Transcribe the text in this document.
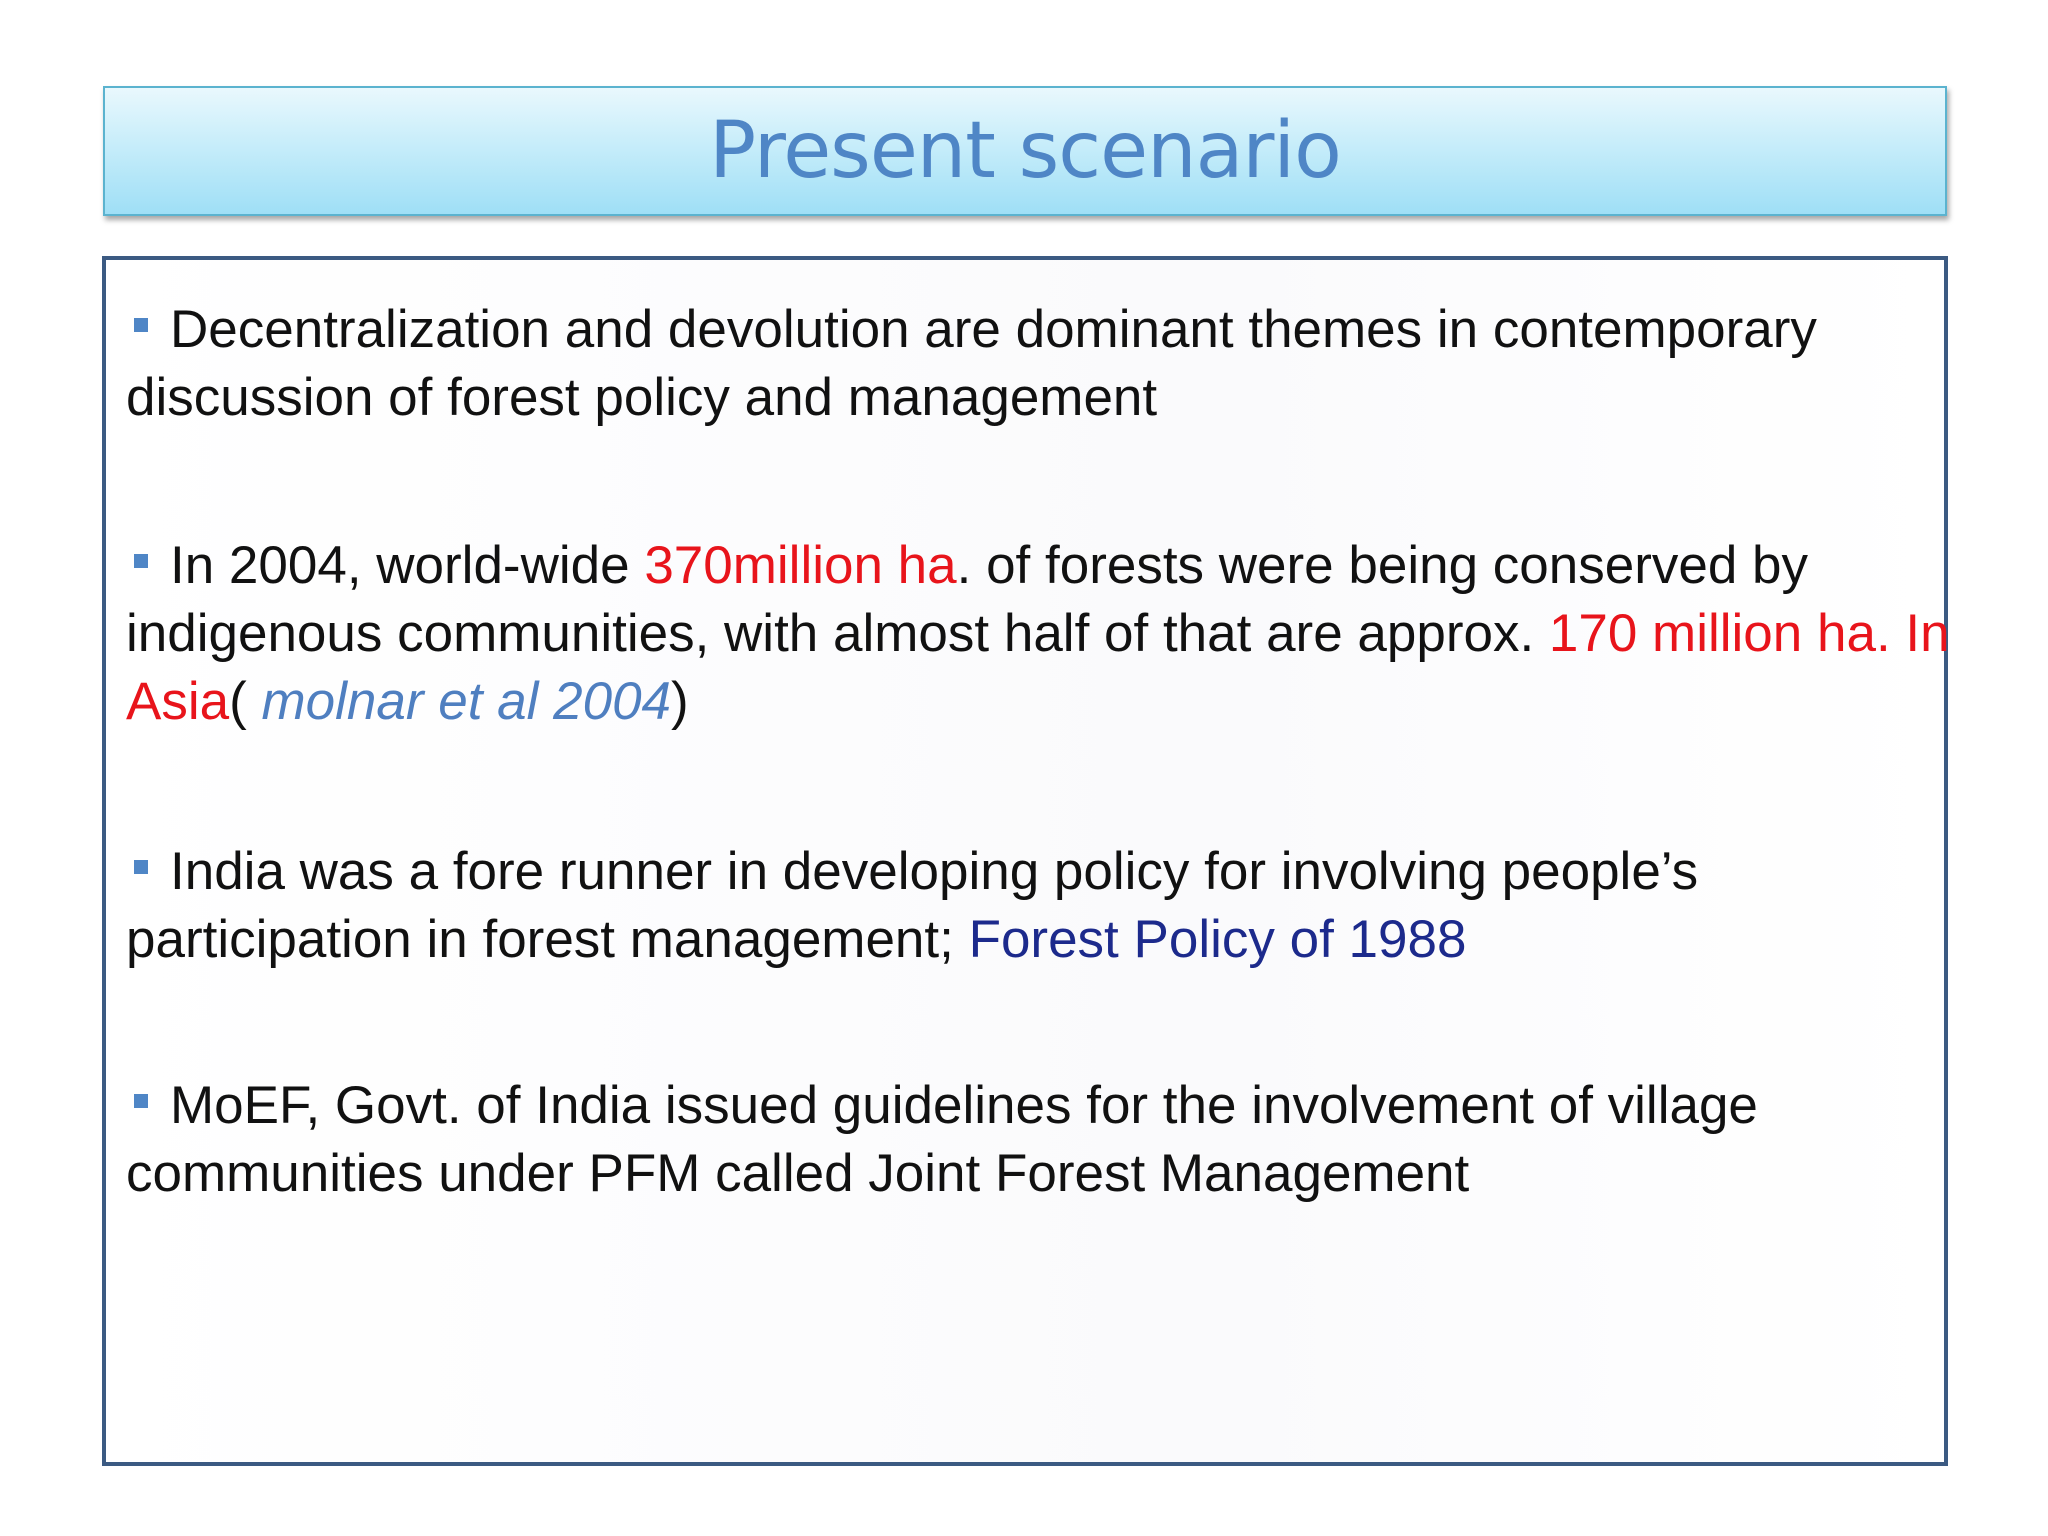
Present scenario
Decentralization and devolution are dominant themes in contemporary discussion of forest policy and management
In 2004, world-wide 370million ha. of forests were being conserved by indigenous communities, with almost half of that are approx. 170 million ha. In Asia( molnar et al 2004)
India was a fore runner in developing policy for involving people’s participation in forest management; Forest Policy of 1988
MoEF, Govt. of India issued guidelines for the involvement of village communities under PFM called Joint Forest Management
